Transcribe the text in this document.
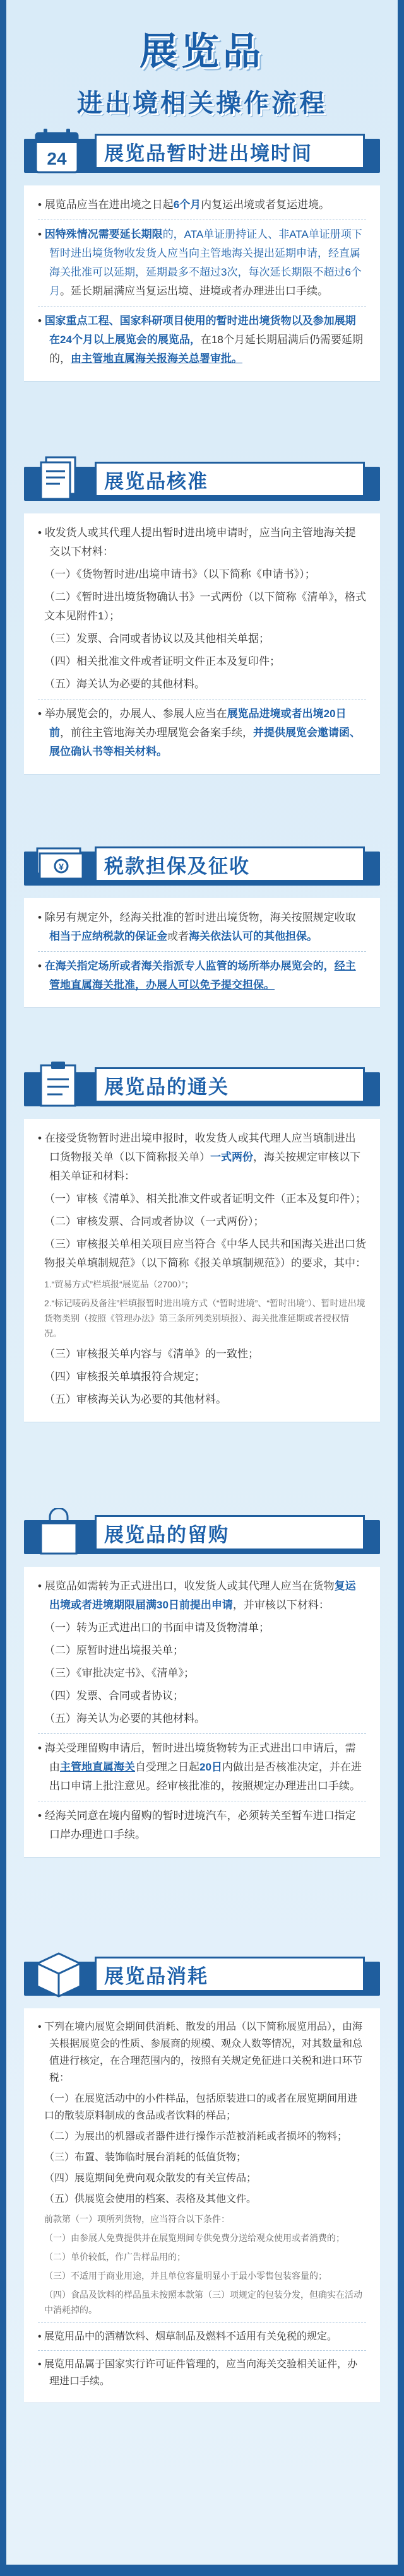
展览品
进出境相关操作流程
24	展览品暂时进出境时间

• 展览品应当在进出境之日起6个月内复运出境或者复运进境。

• 因特殊情况需要延长期限的，ATA单证册持证人、非ATA单证册项下暂时进出境货物收发货人应当向主管地海关提出延期申请，经直属海关批准可以延期，延期最多不超过3次，每次延长期限不超过6个月。延长期届满应当复运出境、进境或者办理进出口手续。

• 国家重点工程、国家科研项目使用的暂时进出境货物以及参加展期在24个月以上展览会的展览品，在18个月延长期届满后仍需要延期的，由主管地直属海关报海关总署审批。

展览品核准

• 收发货人或其代理人提出暂时进出境申请时，应当向主管地海关提交以下材料：

（一）《货物暂时进/出境申请书》（以下简称《申请书》）；

（二）《暂时进出境货物确认书》一式两份（以下简称《清单》，格式文本见附件1）；

（三）发票、合同或者协议以及其他相关单据；

（四）相关批准文件或者证明文件正本及复印件；

（五）海关认为必要的其他材料。

• 举办展览会的，办展人、参展人应当在展览品进境或者出境20日前，前往主管地海关办理展览会备案手续，并提供展览会邀请函、展位确认书等相关材料。

¥	税款担保及征收

• 除另有规定外，经海关批准的暂时进出境货物，海关按照规定收取相当于应纳税款的保证金或者海关依法认可的其他担保。

• 在海关指定场所或者海关指派专人监管的场所举办展览会的，经主管地直属海关批准，办展人可以免予提交担保。

展览品的通关

• 在接受货物暂时进出境申报时，收发货人或其代理人应当填制进出口货物报关单（以下简称报关单）一式两份，海关按规定审核以下相关单证和材料：

（一）审核《清单》、相关批准文件或者证明文件（正本及复印件）；

（二）审核发票、合同或者协议（一式两份）；

（三）审核报关单相关项目应当符合《中华人民共和国海关进出口货物报关单填制规范》（以下简称《报关单填制规范》）的要求，其中：

1.“贸易方式”栏填报“展览品（2700）”；

2.“标记唛码及备注”栏填报暂时进出境方式（“暂时进境”、“暂时出境”）、暂时进出境货物类别（按照《管理办法》第三条所列类别填报）、海关批准延期或者授权情况。

（三）审核报关单内容与《清单》的一致性；

（四）审核报关单填报符合规定；

（五）审核海关认为必要的其他材料。

展览品的留购

• 展览品如需转为正式进出口，收发货人或其代理人应当在货物复运出境或者进境期限届满30日前提出申请，并审核以下材料：

（一）转为正式进出口的书面申请及货物清单；

（二）原暂时进出境报关单；

（三）《审批决定书》、《清单》；

（四）发票、合同或者协议；

（五）海关认为必要的其他材料。

• 海关受理留购申请后，暂时进出境货物转为正式进出口申请后，需由主管地直属海关自受理之日起20日内做出是否核准决定，并在进出口申请上批注意见。经审核批准的，按照规定办理进出口手续。

• 经海关同意在境内留购的暂时进境汽车，必须转关至暂车进口指定口岸办理进口手续。

展览品消耗

• 下列在境内展览会期间供消耗、散发的用品（以下简称展览用品），由海关根据展览会的性质、参展商的规模、观众人数等情况，对其数量和总值进行核定，在合理范围内的，按照有关规定免征进口关税和进口环节税：

（一）在展览活动中的小件样品，包括原装进口的或者在展览期间用进口的散装原料制成的食品或者饮料的样品；

（二）为展出的机器或者器件进行操作示范被消耗或者损坏的物料；

（三）布置、装饰临时展台消耗的低值货物；

（四）展览期间免费向观众散发的有关宣传品；

（五）供展览会使用的档案、表格及其他文件。

前款第（一）项所列货物，应当符合以下条件：

（一）由参展人免费提供并在展览期间专供免费分送给观众使用或者消费的；

（二）单价较低，作广告样品用的；

（三）不适用于商业用途，并且单位容量明显小于最小零售包装容量的；

（四）食品及饮料的样品虽未按照本款第（三）项规定的包装分发，但确实在活动中消耗掉的。

• 展览用品中的酒精饮料、烟草制品及燃料不适用有关免税的规定。

• 展览用品属于国家实行许可证件管理的，应当向海关交验相关证件，办理进口手续。
